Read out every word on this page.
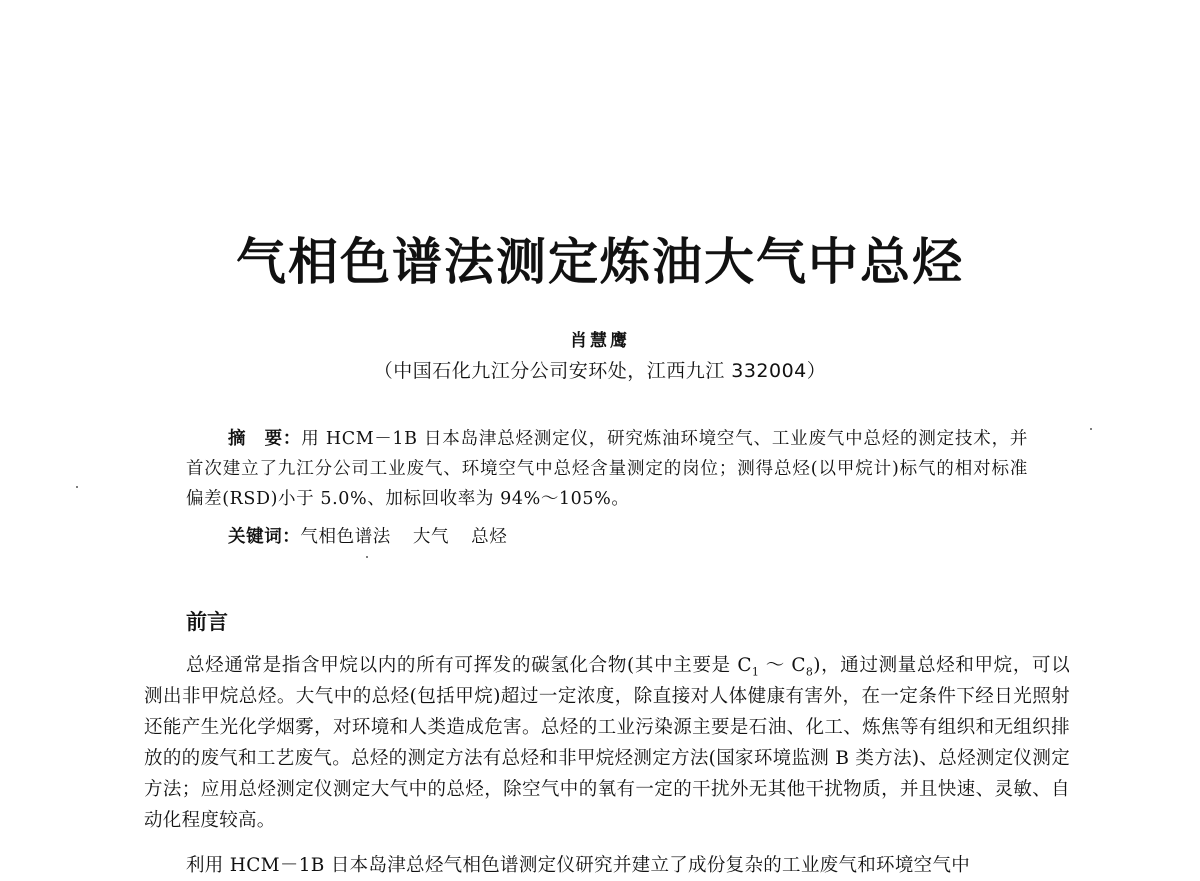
气相色谱法测定炼油大气中总烃
肖慧鹰
（中国石化九江分公司安环处，江西九江 332004）
摘　要：用 HCM－1B 日本岛津总烃测定仪，研究炼油环境空气、工业废气中总烃的测定技术，并首次建立了九江分公司工业废气、环境空气中总烃含量测定的岗位；测得总烃(以甲烷计)标气的相对标准偏差(RSD)小于 5.0%、加标回收率为 94%～105%。
关键词：气相色谱法 大气 总烃
前言
总烃通常是指含甲烷以内的所有可挥发的碳氢化合物(其中主要是 $C_1$ ～ $C_8$)，通过测量总烃和甲烷，可以测出非甲烷总烃。大气中的总烃(包括甲烷)超过一定浓度，除直接对人体健康有害外，在一定条件下经日光照射还能产生光化学烟雾，对环境和人类造成危害。总烃的工业污染源主要是石油、化工、炼焦等有组织和无组织排放的的废气和工艺废气。总烃的测定方法有总烃和非甲烷烃测定方法(国家环境监测 B 类方法)、总烃测定仪测定方法；应用总烃测定仪测定大气中的总烃，除空气中的氧有一定的干扰外无其他干扰物质，并且快速、灵敏、自动化程度较高。
利用 HCM－1B 日本岛津总烃气相色谱测定仪研究并建立了成份复杂的工业废气和环境空气中
